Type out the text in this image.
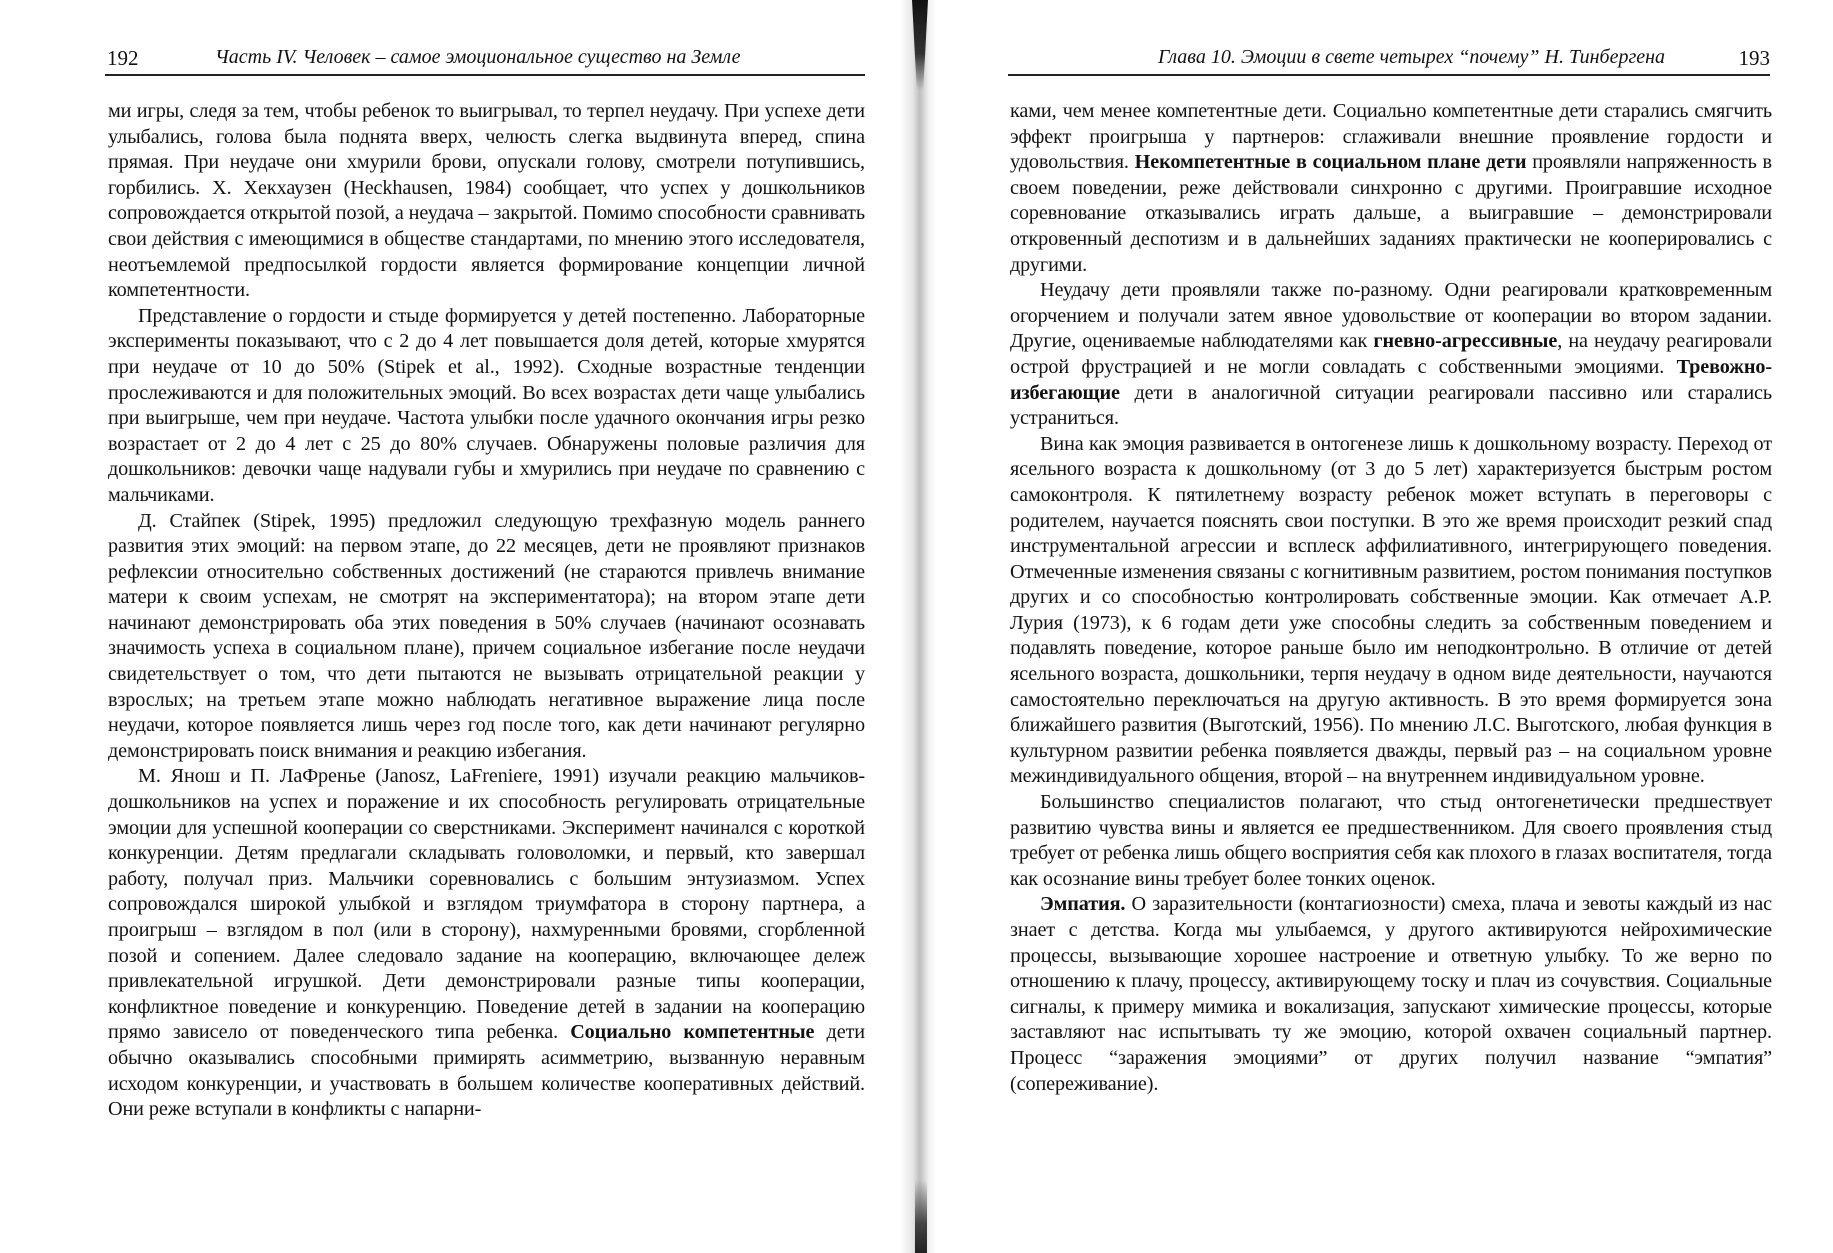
192	Часть IV. Человек – самое эмоциональное существо на Земле

ми игры, следя за тем, чтобы ребенок то выигрывал, то терпел неудачу. При успехе дети улыбались, голова была поднята вверх, челюсть слегка выдвинута вперед, спина прямая. При неудаче они хмурили брови, опускали голову, смотрели потупившись, горбились. Х. Хекхаузен (Heckhausen, 1984) сообщает, что успех у дошкольников сопровождается открытой позой, а неудача – закрытой. Помимо способности сравнивать свои действия с имеющимися в обществе стандартами, по мнению этого исследователя, неотъемлемой предпосылкой гордости является формирование концепции личной компетентности.

Представление о гордости и стыде формируется у детей постепенно. Лабораторные эксперименты показывают, что с 2 до 4 лет повышается доля детей, которые хмурятся при неудаче от 10 до 50% (Stipek et al., 1992). Сходные возрастные тенденции прослеживаются и для положительных эмоций. Во всех возрастах дети чаще улыбались при выигрыше, чем при неудаче. Частота улыбки после удачного окончания игры резко возрастает от 2 до 4 лет с 25 до 80% случаев. Обнаружены половые различия для дошкольников: девочки чаще надували губы и хмурились при неудаче по сравнению с мальчиками.

Д. Стайпек (Stipek, 1995) предложил следующую трехфазную модель раннего развития этих эмоций: на первом этапе, до 22 месяцев, дети не проявляют признаков рефлексии относительно собственных достижений (не стараются привлечь внимание матери к своим успехам, не смотрят на экспериментатора); на втором этапе дети начинают демонстрировать оба этих поведения в 50% случаев (начинают осознавать значимость успеха в социальном плане), причем социальное избегание после неудачи свидетельствует о том, что дети пытаются не вызывать отрицательной реакции у взрослых; на третьем этапе можно наблюдать негативное выражение лица после неудачи, которое появляется лишь через год после того, как дети начинают регулярно демонстрировать поиск внимания и реакцию избегания.

М. Янош и П. ЛаФренье (Janosz, LaFreniere, 1991) изучали реакцию мальчиков-дошкольников на успех и поражение и их способность регулировать отрицательные эмоции для успешной кооперации со сверстниками. Эксперимент начинался с короткой конкуренции. Детям предлагали складывать головоломки, и первый, кто завершал работу, получал приз. Мальчики соревновались с большим энтузиазмом. Успех сопровождался широкой улыбкой и взглядом триумфатора в сторону партнера, а проигрыш – взглядом в пол (или в сторону), нахмуренными бровями, сгорбленной позой и сопением. Далее следовало задание на кооперацию, включающее дележ привлекательной игрушкой. Дети демонстрировали разные типы кооперации, конфликтное поведение и конкуренцию. Поведение детей в задании на кооперацию прямо зависело от поведенческого типа ребенка. Социально компетентные дети обычно оказывались способными примирять асимметрию, вызванную неравным исходом конкуренции, и участвовать в большем количестве кооперативных действий. Они реже вступали в конфликты с напарни-

Глава 10. Эмоции в свете четырех “почему” Н. Тинбергена	193

ками, чем менее компетентные дети. Социально компетентные дети старались смягчить эффект проигрыша у партнеров: сглаживали внешние проявление гордости и удовольствия. Некомпетентные в социальном плане дети проявляли напряженность в своем поведении, реже действовали синхронно с другими. Проигравшие исходное соревнование отказывались играть дальше, а выигравшие – демонстрировали откровенный деспотизм и в дальнейших заданиях практически не кооперировались с другими.

Неудачу дети проявляли также по-разному. Одни реагировали кратковременным огорчением и получали затем явное удовольствие от кооперации во втором задании. Другие, оцениваемые наблюдателями как гневно-агрессивные, на неудачу реагировали острой фрустрацией и не могли совладать с собственными эмоциями. Тревожно-избегающие дети в аналогичной ситуации реагировали пассивно или старались устраниться.

Вина как эмоция развивается в онтогенезе лишь к дошкольному возрасту. Переход от ясельного возраста к дошкольному (от 3 до 5 лет) характеризуется быстрым ростом самоконтроля. К пятилетнему возрасту ребенок может вступать в переговоры с родителем, научается пояснять свои поступки. В это же время происходит резкий спад инструментальной агрессии и всплеск аффилиативного, интегрирующего поведения. Отмеченные изменения связаны с когнитивным развитием, ростом понимания поступков других и со способностью контролировать собственные эмоции. Как отмечает А.Р. Лурия (1973), к 6 годам дети уже способны следить за собственным поведением и подавлять поведение, которое раньше было им неподконтрольно. В отличие от детей ясельного возраста, дошкольники, терпя неудачу в одном виде деятельности, научаются самостоятельно переключаться на другую активность. В это время формируется зона ближайшего развития (Выготский, 1956). По мнению Л.С. Выготского, любая функция в культурном развитии ребенка появляется дважды, первый раз – на социальном уровне межиндивидуального общения, второй – на внутреннем индивидуальном уровне.

Большинство специалистов полагают, что стыд онтогенетически предшествует развитию чувства вины и является ее предшественником. Для своего проявления стыд требует от ребенка лишь общего восприятия себя как плохого в глазах воспитателя, тогда как осознание вины требует более тонких оценок.

Эмпатия. О заразительности (контагиозности) смеха, плача и зевоты каждый из нас знает с детства. Когда мы улыбаемся, у другого активируются нейрохимические процессы, вызывающие хорошее настроение и ответную улыбку. То же верно по отношению к плачу, процессу, активирующему тоску и плач из сочувствия. Социальные сигналы, к примеру мимика и вокализация, запускают химические процессы, которые заставляют нас испытывать ту же эмоцию, которой охвачен социальный партнер. Процесс “заражения эмоциями” от других получил название “эмпатия” (сопереживание).
